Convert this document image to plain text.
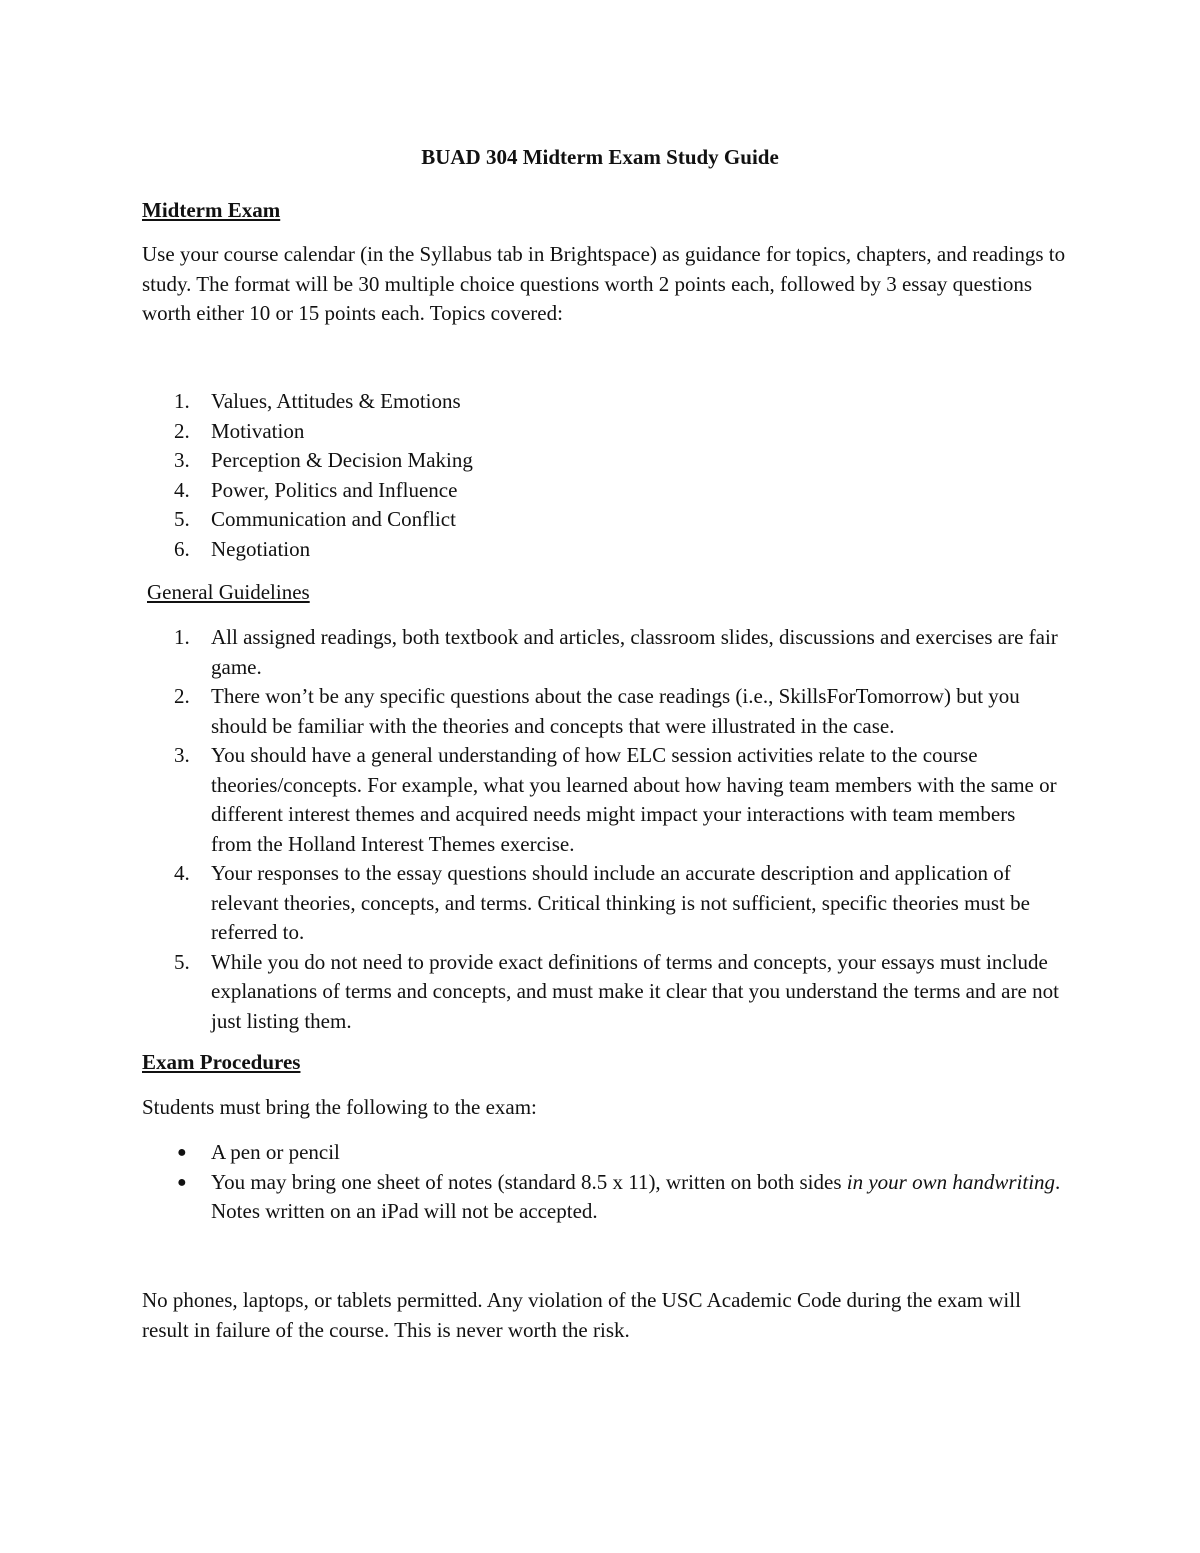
BUAD 304 Midterm Exam Study Guide
Midterm Exam

Use your course calendar (in the Syllabus tab in Brightspace) as guidance for topics, chapters, and readings to study. The format will be 30 multiple choice questions worth 2 points each, followed by 3 essay questions worth either 10 or 15 points each. Topics covered:

1. Values, Attitudes & Emotions
2. Motivation
3. Perception & Decision Making
4. Power, Politics and Influence
5. Communication and Conflict
6. Negotiation
General Guidelines
1. All assigned readings, both textbook and articles, classroom slides, discussions and exercises are fair game.
2. There won’t be any specific questions about the case readings (i.e., SkillsForTomorrow) but you should be familiar with the theories and concepts that were illustrated in the case.
3. You should have a general understanding of how ELC session activities relate to the course theories/concepts. For example, what you learned about how having team members with the same or different interest themes and acquired needs might impact your interactions with team members from the Holland Interest Themes exercise.
4. Your responses to the essay questions should include an accurate description and application of relevant theories, concepts, and terms. Critical thinking is not sufficient, specific theories must be referred to.
5. While you do not need to provide exact definitions of terms and concepts, your essays must include explanations of terms and concepts, and must make it clear that you understand the terms and are not just listing them.
Exam Procedures

Students must bring the following to the exam:

● A pen or pencil
● You may bring one sheet of notes (standard 8.5 x 11), written on both sides in your own handwriting. Notes written on an iPad will not be accepted.

No phones, laptops, or tablets permitted. Any violation of the USC Academic Code during the exam will result in failure of the course. This is never worth the risk.
